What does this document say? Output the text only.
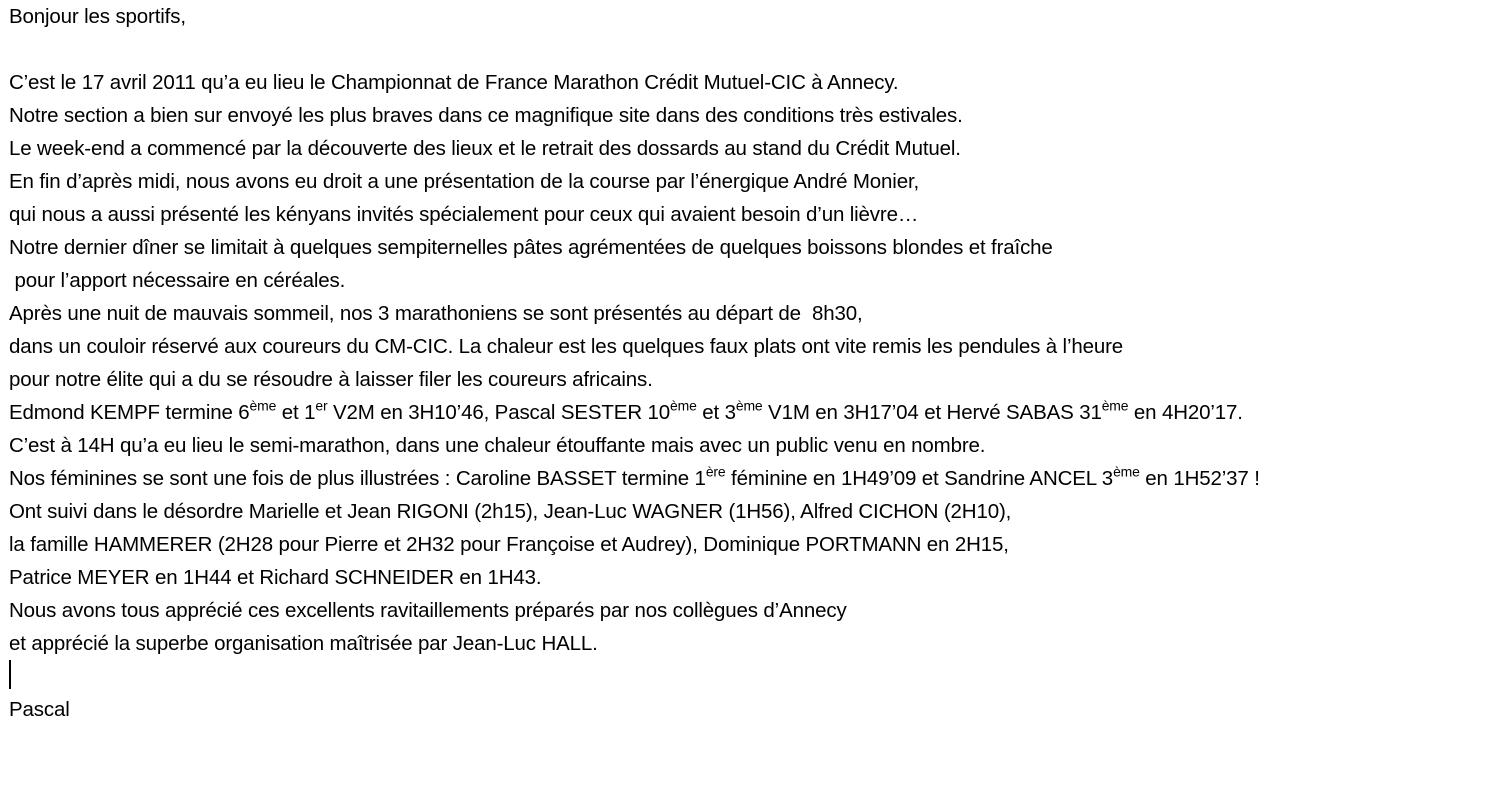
Bonjour les sportifs,
C’est le 17 avril 2011 qu’a eu lieu le Championnat de France Marathon Crédit Mutuel-CIC à Annecy.
Notre section a bien sur envoyé les plus braves dans ce magnifique site dans des conditions très estivales.
Le week-end a commencé par la découverte des lieux et le retrait des dossards au stand du Crédit Mutuel.
En fin d’après midi, nous avons eu droit a une présentation de la course par l’énergique André Monier,
qui nous a aussi présenté les kényans invités spécialement pour ceux qui avaient besoin d’un lièvre…
Notre dernier dîner se limitait à quelques sempiternelles pâtes agrémentées de quelques boissons blondes et fraîche
pour l’apport nécessaire en céréales.
Après une nuit de mauvais sommeil, nos 3 marathoniens se sont présentés au départ de  8h30,
dans un couloir réservé aux coureurs du CM-CIC. La chaleur est les quelques faux plats ont vite remis les pendules à l’heure
pour notre élite qui a du se résoudre à laisser filer les coureurs africains.
Edmond KEMPF termine 6ème et 1er V2M en 3H10’46, Pascal SESTER 10ème et 3ème V1M en 3H17’04 et Hervé SABAS 31ème en 4H20’17.
C’est à 14H qu’a eu lieu le semi-marathon, dans une chaleur étouffante mais avec un public venu en nombre.
Nos féminines se sont une fois de plus illustrées : Caroline BASSET termine 1ère féminine en 1H49’09 et Sandrine ANCEL 3ème en 1H52’37 !
Ont suivi dans le désordre Marielle et Jean RIGONI (2h15), Jean-Luc WAGNER (1H56), Alfred CICHON (2H10),
la famille HAMMERER (2H28 pour Pierre et 2H32 pour Françoise et Audrey), Dominique PORTMANN en 2H15,
Patrice MEYER en 1H44 et Richard SCHNEIDER en 1H43.
Nous avons tous apprécié ces excellents ravitaillements préparés par nos collègues d’Annecy
et apprécié la superbe organisation maîtrisée par Jean-Luc HALL.
Pascal
